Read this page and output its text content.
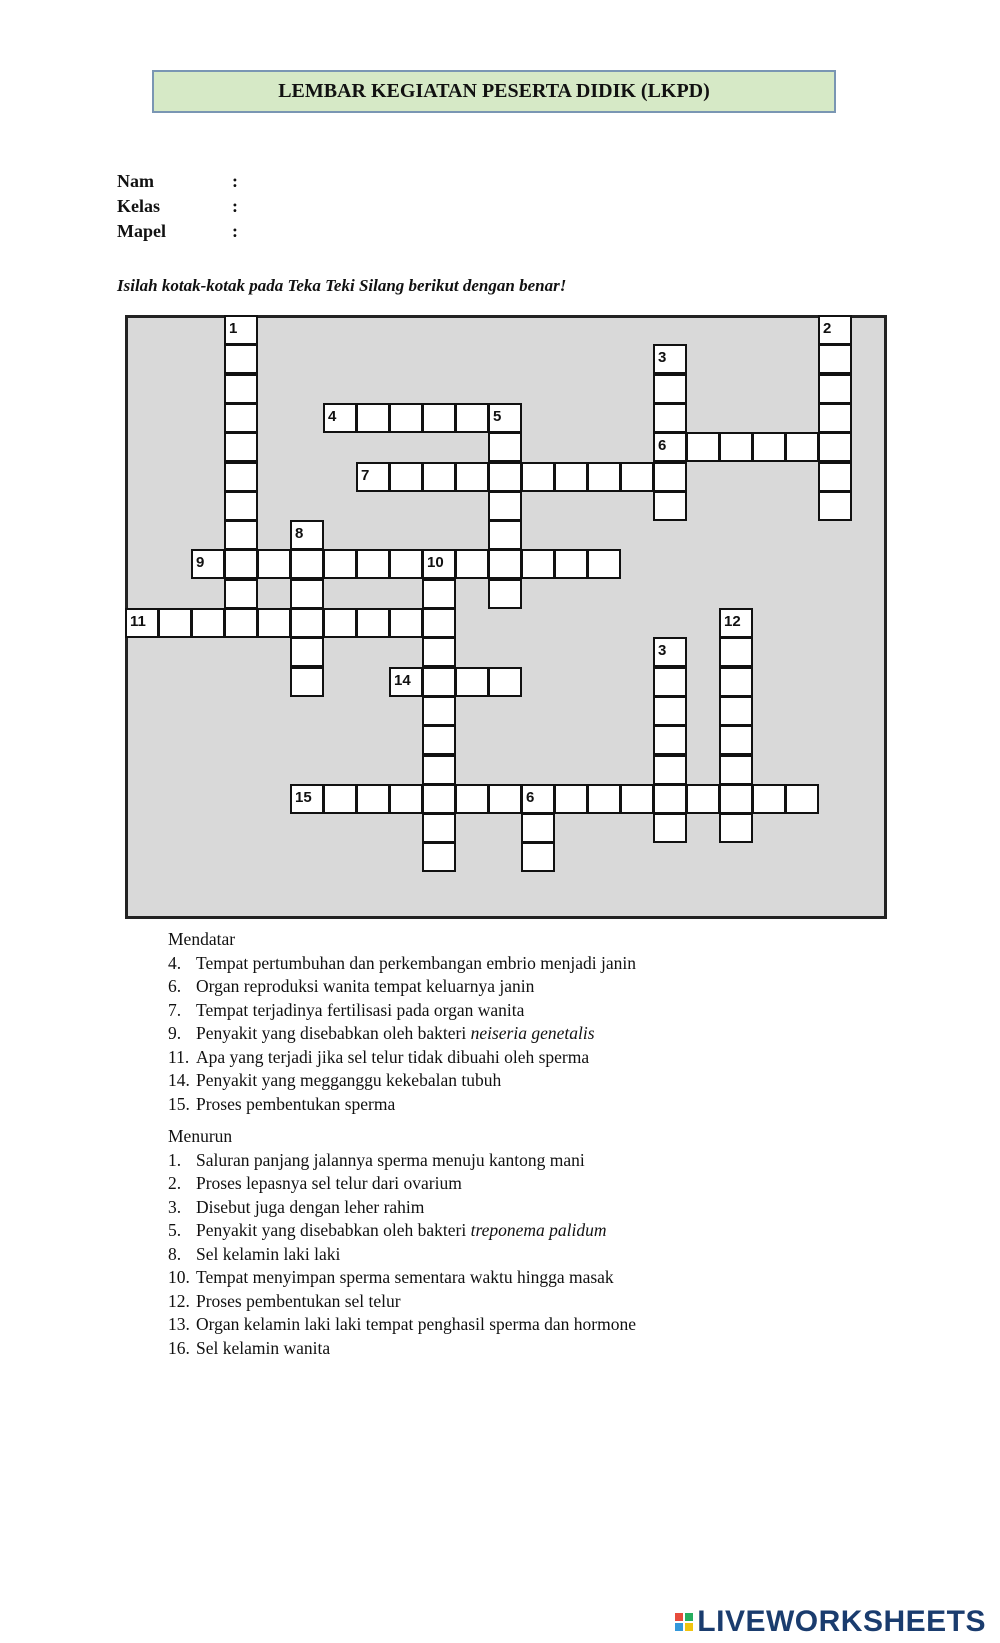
LEMBAR KEGIATAN PESERTA DIDIK (LKPD)
Nam	:
Kelas	:
Mapel	:
Isilah kotak-kotak pada Teka Teki Silang berikut dengan benar!
1	2
3
6
4	5
7
8
9	10
11	12
3
14
15	6

Mendatar

4. Tempat pertumbuhan dan perkembangan embrio menjadi janin
6. Organ reproduksi wanita tempat keluarnya janin
7. Tempat terjadinya fertilisasi pada organ wanita
9. Penyakit yang disebabkan oleh bakteri neiseria genetalis
11. Apa yang terjadi jika sel telur tidak dibuahi oleh sperma
14. Penyakit yang megganggu kekebalan tubuh
15. Proses pembentukan sperma

Menurun

1. Saluran panjang jalannya sperma menuju kantong mani
2. Proses lepasnya sel telur dari ovarium
3. Disebut juga dengan leher rahim
5. Penyakit yang disebabkan oleh bakteri treponema palidum
8. Sel kelamin laki laki
10. Tempat menyimpan sperma sementara waktu hingga masak
12. Proses pembentukan sel telur
13. Organ kelamin laki laki tempat penghasil sperma dan hormone
16. Sel kelamin wanita
LIVEWORKSHEETS
